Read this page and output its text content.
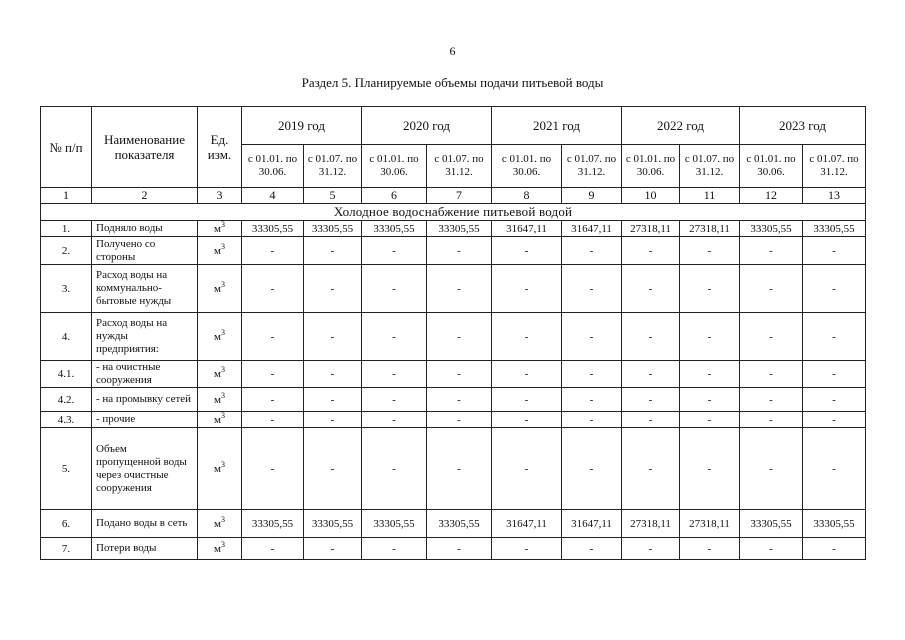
6
Раздел 5. Планируемые объемы подачи питьевой воды
№ п/п	Наименование показателя	Ед. изм.	2019 год		2020 год		2021 год		2022 год		2023 год	
			с 01.01. по 30.06.	с 01.07. по 31.12.	с 01.01. по 30.06.	с 01.07. по 31.12.	с 01.01. по 30.06.	с 01.07. по 31.12.	с 01.01. по 30.06.	с 01.07. по 31.12.	с 01.01. по 30.06.	с 01.07. по 31.12.
1	2	3	4	5	6	7	8	9	10	11	12	13
Холодное водоснабжение питьевой водой												
1.	Подняло воды	$м^3$	33305,55	33305,55	33305,55	33305,55	31647,11	31647,11	27318,11	27318,11	33305,55	33305,55
2.	Получено со стороны	$м^3$	-	-	-	-	-	-	-	-	-	-
3.	Расход воды на коммунально-бытовые нужды	$м^3$	-	-	-	-	-	-	-	-	-	-
4.	Расход воды на нужды предприятия:	$м^3$	-	-	-	-	-	-	-	-	-	-
4.1.	- на очистные сооружения	$м^3$	-	-	-	-	-	-	-	-	-	-
4.2.	- на промывку сетей	$м^3$	-	-	-	-	-	-	-	-	-	-
4.3.	- прочие	$м^3$	-	-	-	-	-	-	-	-	-	-
5.	Объем пропущенной воды через очистные сооружения	$м^3$	-	-	-	-	-	-	-	-	-	-
6.	Подано воды в сеть	$м^3$	33305,55	33305,55	33305,55	33305,55	31647,11	31647,11	27318,11	27318,11	33305,55	33305,55
7.	Потери воды	$м^3$	-	-	-	-	-	-	-	-	-	-
